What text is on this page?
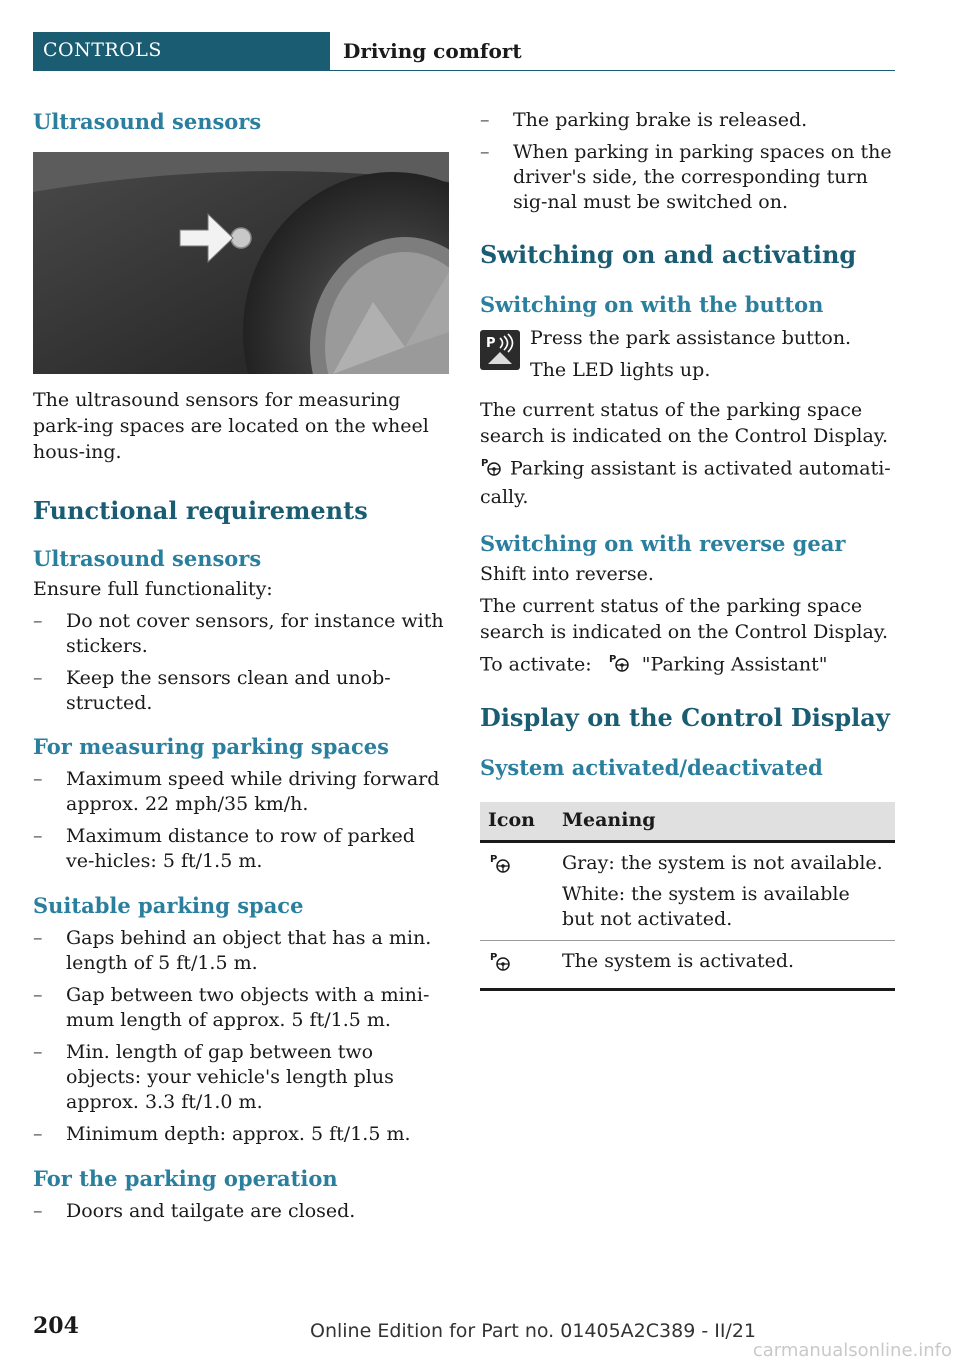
CONTROLS	Driving comfort
Ultrasound sensors
The ultrasound sensors for measuring park-ing spaces are located on the wheel hous-ing.
Functional requirements
Ultrasound sensors
Ensure full functionality:
– Do not cover sensors, for instance with stickers.
– Keep the sensors clean and unob-structed.
For measuring parking spaces
– Maximum speed while driving forward approx. 22 mph/35 km/h.
– Maximum distance to row of parked ve-hicles: 5 ft/1.5 m.
Suitable parking space
– Gaps behind an object that has a min. length of 5 ft/1.5 m.
– Gap between two objects with a mini-mum length of approx. 5 ft/1.5 m.
– Min. length of gap between two objects: your vehicle's length plus approx. 3.3 ft/1.0 m.
– Minimum depth: approx. 5 ft/1.5 m.
For the parking operation
– Doors and tailgate are closed.
– The parking brake is released.
– When parking in parking spaces on the driver's side, the corresponding turn sig-nal must be switched on.
Switching on and activating
Switching on with the button
P Press the park assistance button.
The LED lights up.
The current status of the parking space search is indicated on the Control Display.
P Parking assistant is activated automati-cally.
Switching on with reverse gear
Shift into reverse.
The current status of the parking space search is indicated on the Control Display.
To activate: P "Parking Assistant"
Display on the Control Display
System activated/deactivated
Icon	Meaning

P	Gray: the system is not available.
White: the system is available but not activated.

P	The system is activated.
204	Online Edition for Part no. 01405A2C389 - II/21
carmanualsonline.info
